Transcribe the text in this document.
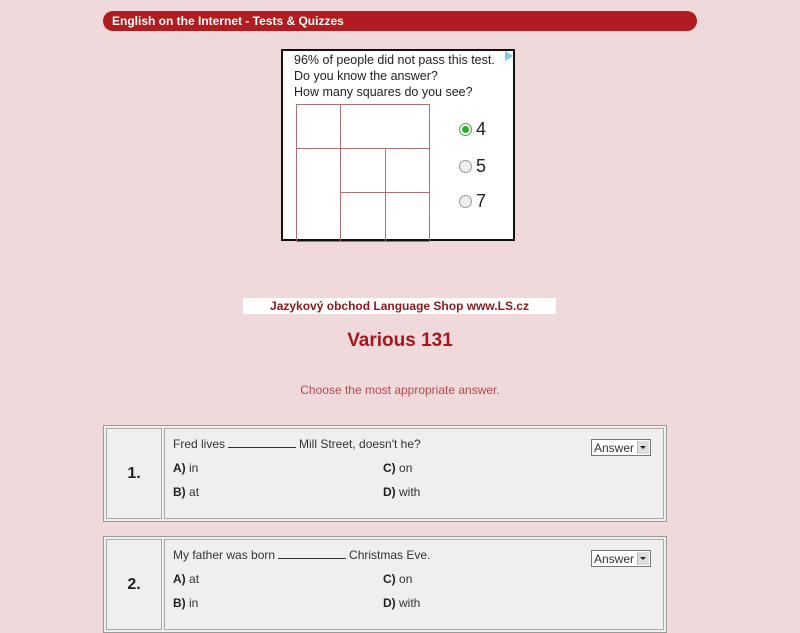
English on the Internet - Tests & Quizzes
96% of people did not pass this test.
Do you know the answer?
How many squares do you see?
4
5
7
Jazykový obchod Language Shop www.LS.cz
Various 131
Choose the most appropriate answer.
1.
Fred lives	Mill Street, doesn't he?
A) in	C) on
B) at	D) with
Answer
2.
My father was born	Christmas Eve.
A) at	C) on
B) in	D) with
Answer
